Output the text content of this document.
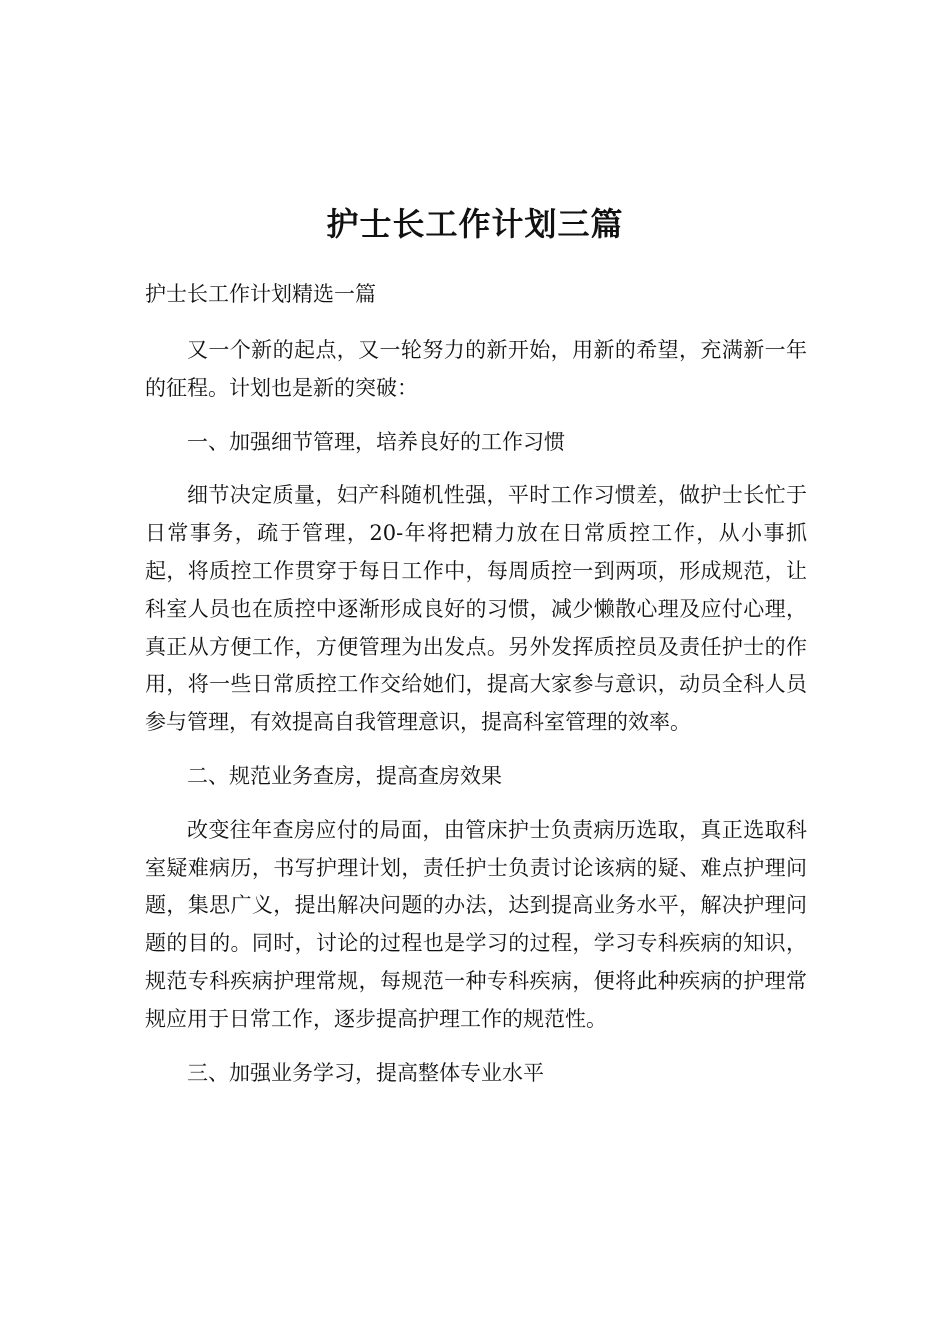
护士长工作计划三篇
护士长工作计划精选一篇

又一个新的起点，又一轮努力的新开始，用新的希望，充满新一年的征程。计划也是新的突破：

一、加强细节管理，培养良好的工作习惯

细节决定质量，妇产科随机性强，平时工作习惯差，做护士长忙于日常事务，疏于管理，20-年将把精力放在日常质控工作，从小事抓起，将质控工作贯穿于每日工作中，每周质控一到两项，形成规范，让科室人员也在质控中逐渐形成良好的习惯，减少懒散心理及应付心理，真正从方便工作，方便管理为出发点。另外发挥质控员及责任护士的作用，将一些日常质控工作交给她们，提高大家参与意识，动员全科人员参与管理，有效提高自我管理意识，提高科室管理的效率。

二、规范业务查房，提高查房效果

改变往年查房应付的局面，由管床护士负责病历选取，真正选取科室疑难病历，书写护理计划，责任护士负责讨论该病的疑、难点护理问题，集思广义，提出解决问题的办法，达到提高业务水平，解决护理问题的目的。同时，讨论的过程也是学习的过程，学习专科疾病的知识，规范专科疾病护理常规，每规范一种专科疾病，便将此种疾病的护理常规应用于日常工作，逐步提高护理工作的规范性。

三、加强业务学习，提高整体专业水平
